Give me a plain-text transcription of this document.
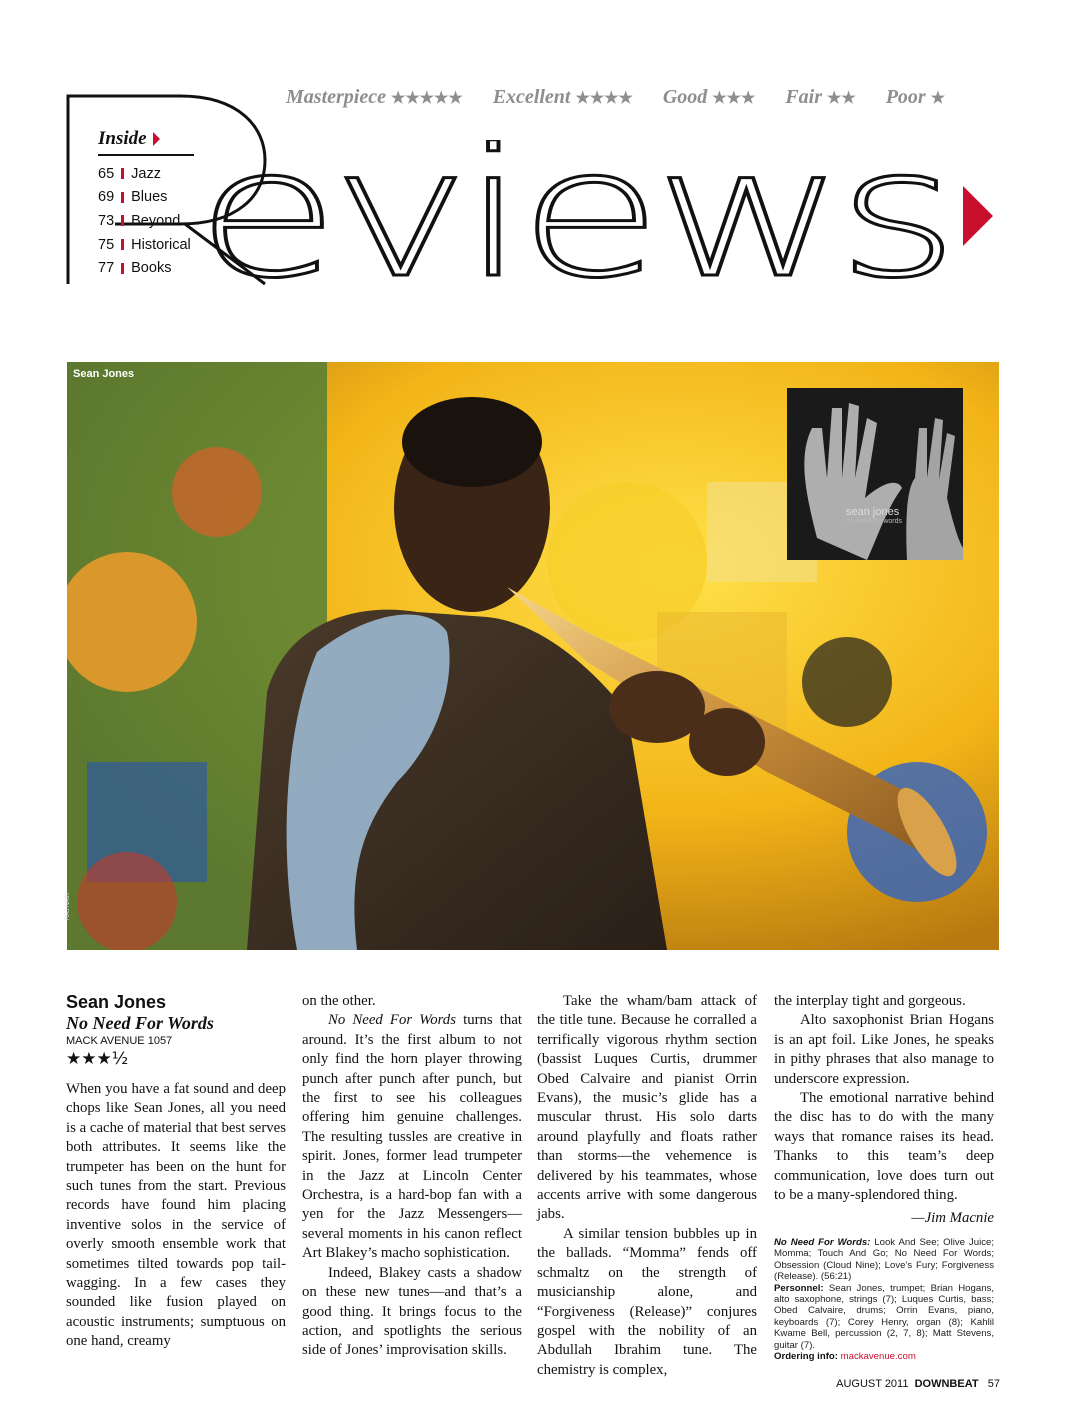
Masterpiece ★★★★★ Excellent ★★★★ Good ★★★ Fair ★★ Poor ★
eviews
Inside
65 Jazz
69 Blues
73 Beyond
75 Historical
77 Books
Sean Jones
RAJ NAIK
sean jones
no need for words
Sean Jones
No Need For Words
MACK AVENUE 1057
★★★½

When you have a fat sound and deep chops like Sean Jones, all you need is a cache of material that best serves both attributes. It seems like the trumpeter has been on the hunt for such tunes from the start. Previous records have found him placing inventive solos in the service of overly smooth ensemble work that sometimes tilted towards pop tail-wagging. In a few cases they sounded like fusion played on acoustic instruments; sumptuous on one hand, creamy

on the other.

No Need For Words turns that around. It’s the first album to not only find the horn player throwing punch after punch after punch, but the first to see his colleagues offering him genuine challenges. The resulting tussles are creative in spirit. Jones, former lead trumpeter in the Jazz at Lincoln Center Orchestra, is a hard-bop fan with a yen for the Jazz Messengers—several moments in his canon reflect Art Blakey’s macho sophistication.

Indeed, Blakey casts a shadow on these new tunes—and that’s a good thing. It brings focus to the action, and spotlights the serious side of Jones’ improvisation skills.

Take the wham/bam attack of the title tune. Because he corralled a terrifically vigorous rhythm section (bassist Luques Curtis, drummer Obed Calvaire and pianist Orrin Evans), the music’s glide has a muscular thrust. His solo darts around playfully and floats rather than storms—the vehemence is delivered by his teammates, whose accents arrive with some dangerous jabs.

A similar tension bubbles up in the ballads. “Momma” fends off schmaltz on the strength of musicianship alone, and “Forgiveness (Release)” conjures gospel with the nobility of an Abdullah Ibrahim tune. The chemistry is complex,

the interplay tight and gorgeous.

Alto saxophonist Brian Hogans is an apt foil. Like Jones, he speaks in pithy phrases that also manage to underscore expression.

The emotional narrative behind the disc has to do with the many ways that romance raises its head. Thanks to this team’s deep communication, love does turn out to be a many-splendored thing.

—Jim Macnie
No Need For Words: Look And See; Olive Juice; Momma; Touch And Go; No Need For Words; Obsession (Cloud Nine); Love’s Fury; Forgiveness (Release). (56:21)
Personnel: Sean Jones, trumpet; Brian Hogans, alto saxophone, strings (7); Luques Curtis, bass; Obed Calvaire, drums; Orrin Evans, piano, keyboards (7); Corey Henry, organ (8); Kahlil Kwame Bell, percussion (2, 7, 8); Matt Stevens, guitar (7).
Ordering info: mackavenue.com
AUGUST 2011 DOWNBEAT 57
